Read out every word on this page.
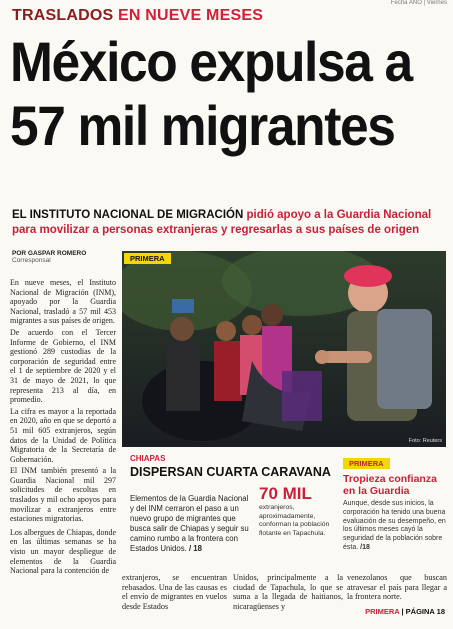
Fecha AÑO | Viernes
TRASLADOS EN NUEVE MESES
México expulsa a
57 mil migrantes
EL INSTITUTO NACIONAL DE MIGRACIÓN pidió apoyo a la Guardia Nacional para movilizar a personas extranjeras y regresarlas a sus países de origen
POR GASPAR ROMERO
Corresponsal

En nueve meses, el Instituto Nacional de Migración (INM), apoyado por la Guardia Nacional, trasladó a 57 mil 453 migrantes a sus países de origen.

De acuerdo con el Tercer Informe de Gobierno, el INM gestionó 289 custodias de la corporación de seguridad entre el 1 de septiembre de 2020 y el 31 de mayo de 2021, lo que representa 213 al día, en promedio.

La cifra es mayor a la reportada en 2020, año en que se deportó a 51 mil 605 extranjeros, según datos de la Unidad de Política Migratoria de la Secretaría de Gobernación.

El INM también presentó a la Guardia Nacional mil 297 solicitudes de escoltas en traslados y mil ocho apoyos para movilizar a extranjeros entre estaciones migratorias.

Los albergues de Chiapas, donde en las últimas semanas se ha visto un mayor despliegue de elementos de la Guardia Nacional para la contención de

PRIMERA
Foto: Reuters
CHIAPAS
DISPERSAN CUARTA CARAVANA
Elementos de la Guardia Nacional y del INM cerraron el paso a un nuevo grupo de migrantes que busca salir de Chiapas y seguir su camino rumbo a la frontera con Estados Unidos. / 18
70 MIL
extranjeros, aproximadamente, conforman la población flotante en Tapachula.
PRIMERA
Tropieza confianza en la Guardia
Aunque, desde sus inicios, la corporación ha tenido una buena evaluación de su desempeño, en los últimos meses cayó la seguridad de la población sobre ésta. /18
extranjeros, se encuentran rebasados. Una de las causas es el envío de migrantes en vuelos desde Estados
Unidos, principalmente a la ciudad de Tapachula, lo que se suma a la llegada de haitianos, nicaragüenses y
venezolanos que buscan atravesar el país para llegar a la frontera norte.
PRIMERA | PÁGINA 18
